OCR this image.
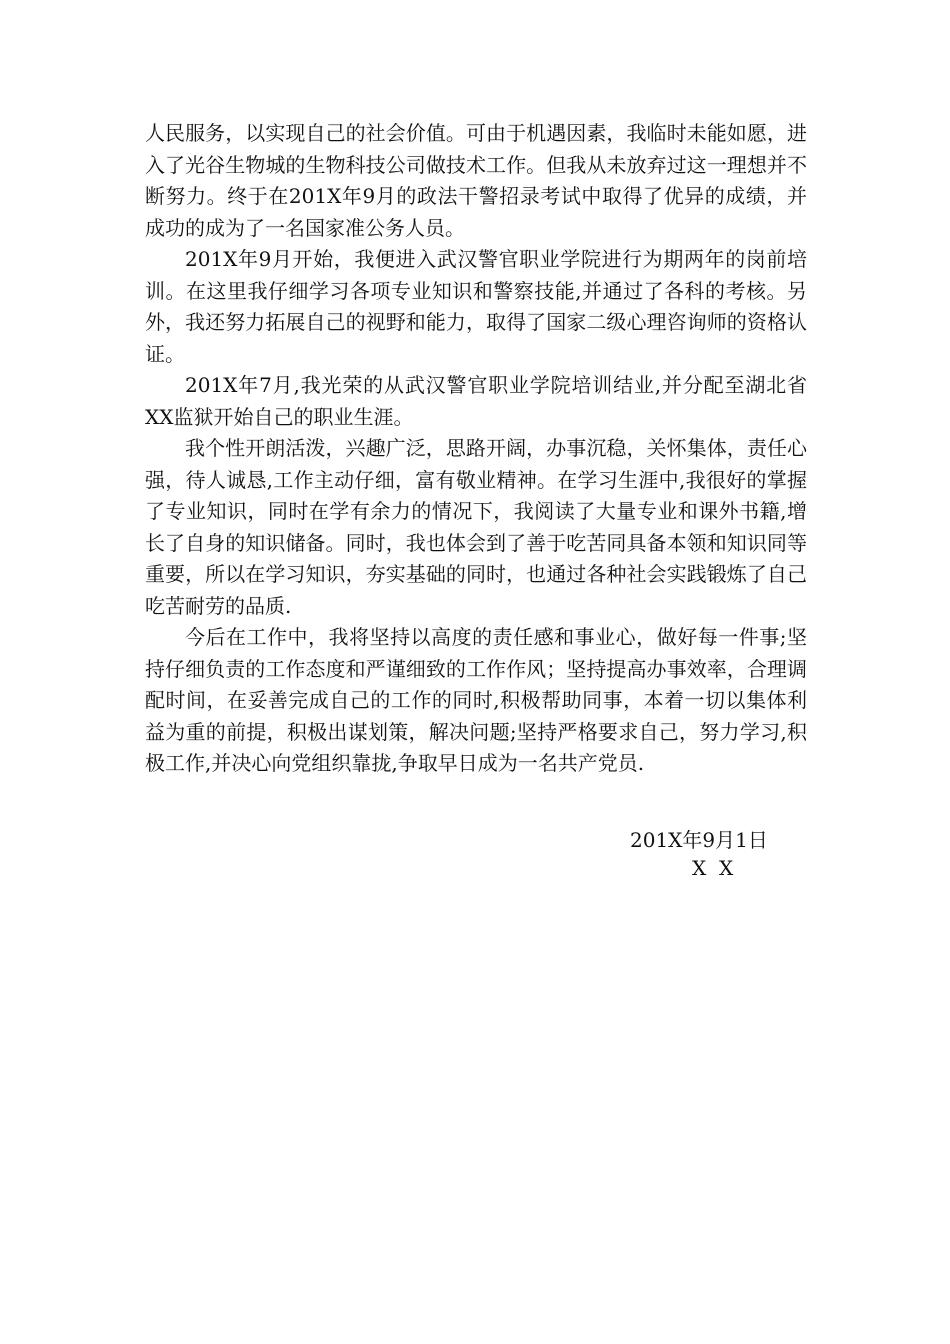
人民服务，以实现自己的社会价值。可由于机遇因素，我临时未能如愿，进入了光谷生物城的生物科技公司做技术工作。但我从未放弃过这一理想并不断努力。终于在201X年9月的政法干警招录考试中取得了优异的成绩，并成功的成为了一名国家准公务人员。

201X年9月开始，我便进入武汉警官职业学院进行为期两年的岗前培训。在这里我仔细学习各项专业知识和警察技能,并通过了各科的考核。另外，我还努力拓展自己的视野和能力，取得了国家二级心理咨询师的资格认证。

201X年7月,我光荣的从武汉警官职业学院培训结业,并分配至湖北省XX监狱开始自己的职业生涯。

我个性开朗活泼，兴趣广泛，思路开阔，办事沉稳，关怀集体，责任心强，待人诚恳,工作主动仔细，富有敬业精神。在学习生涯中,我很好的掌握了专业知识，同时在学有余力的情况下，我阅读了大量专业和课外书籍,增长了自身的知识储备。同时，我也体会到了善于吃苦同具备本领和知识同等重要，所以在学习知识，夯实基础的同时，也通过各种社会实践锻炼了自己吃苦耐劳的品质.

今后在工作中，我将坚持以高度的责任感和事业心，做好每一件事;坚持仔细负责的工作态度和严谨细致的工作作风；坚持提高办事效率，合理调配时间，在妥善完成自己的工作的同时,积极帮助同事，本着一切以集体利益为重的前提，积极出谋划策，解决问题;坚持严格要求自己，努力学习,积极工作,并决心向党组织靠拢,争取早日成为一名共产党员.

201X年9月1日
X  X
